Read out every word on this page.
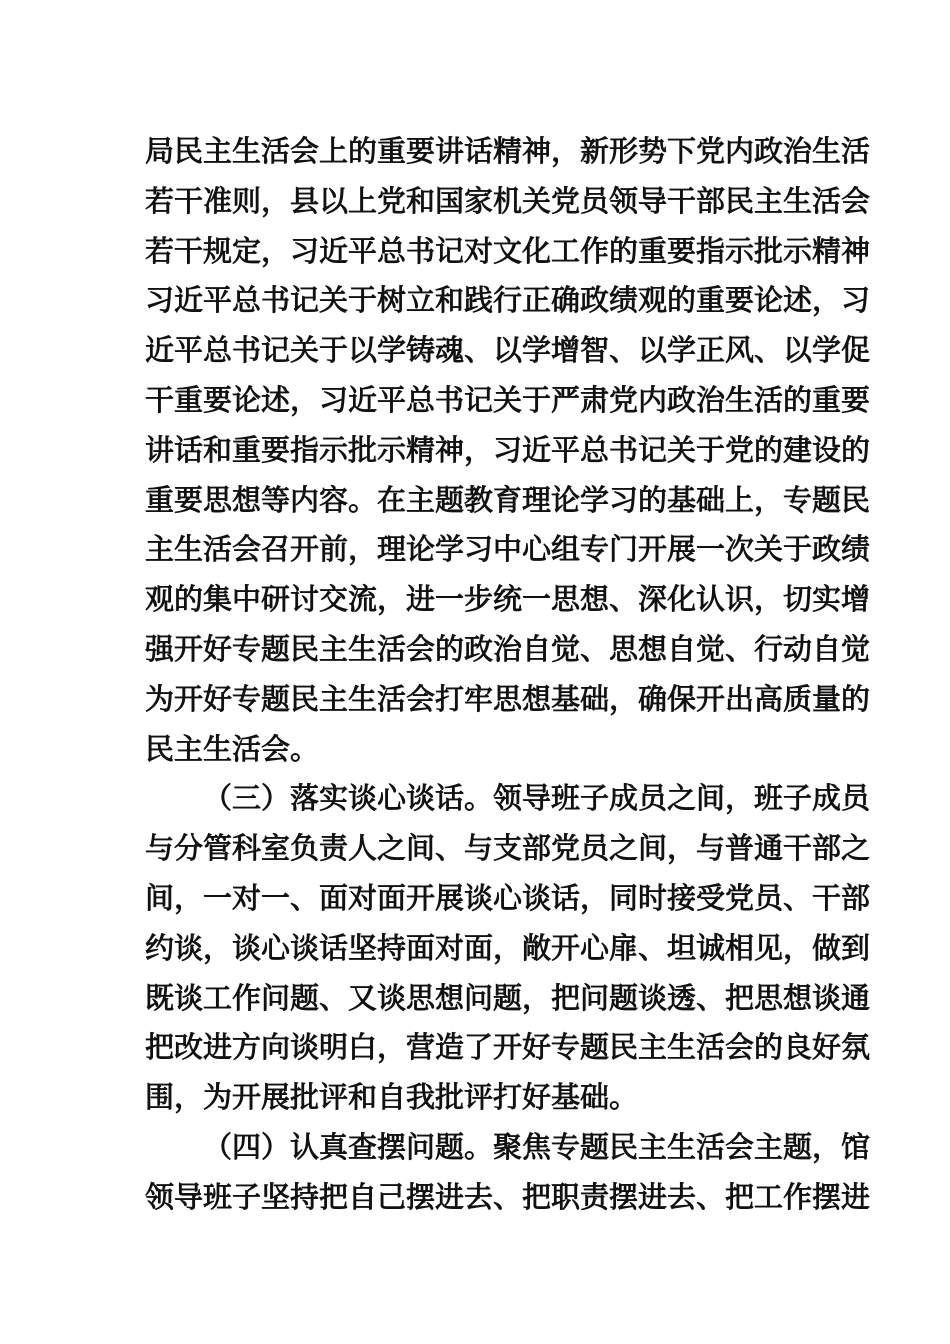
局民主生活会上的重要讲话精神，新形势下党内政治生活
若干准则，县以上党和国家机关党员领导干部民主生活会
若干规定，习近平总书记对文化工作的重要指示批示精神
习近平总书记关于树立和践行正确政绩观的重要论述，习
近平总书记关于以学铸魂、以学增智、以学正风、以学促
干重要论述，习近平总书记关于严肃党内政治生活的重要
讲话和重要指示批示精神，习近平总书记关于党的建设的
重要思想等内容。在主题教育理论学习的基础上，专题民
主生活会召开前，理论学习中心组专门开展一次关于政绩
观的集中研讨交流，进一步统一思想、深化认识，切实增
强开好专题民主生活会的政治自觉、思想自觉、行动自觉
为开好专题民主生活会打牢思想基础，确保开出高质量的
民主生活会。
（三）落实谈心谈话。领导班子成员之间，班子成员
与分管科室负责人之间、与支部党员之间，与普通干部之
间，一对一、面对面开展谈心谈话，同时接受党员、干部
约谈，谈心谈话坚持面对面，敞开心扉、坦诚相见，做到
既谈工作问题、又谈思想问题，把问题谈透、把思想谈通
把改进方向谈明白，营造了开好专题民主生活会的良好氛
围，为开展批评和自我批评打好基础。
（四）认真查摆问题。聚焦专题民主生活会主题，馆
领导班子坚持把自己摆进去、把职责摆进去、把工作摆进
